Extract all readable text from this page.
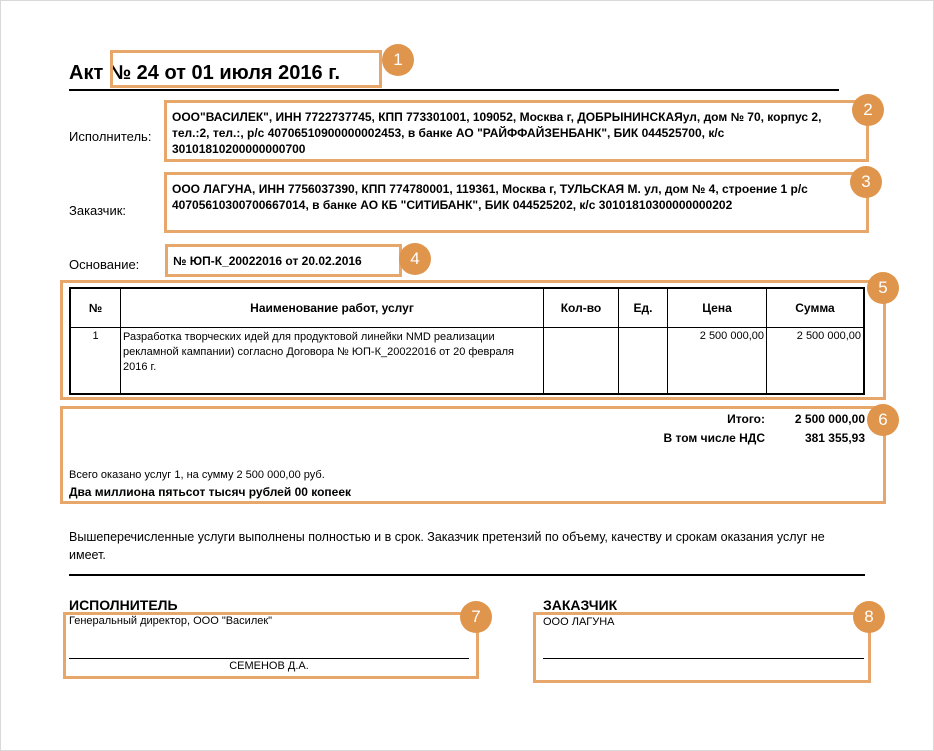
Акт № 24 от 01 июля 2016 г.
1
Исполнитель:
ООО"ВАСИЛЕК", ИНН 7722737745, КПП 773301001, 109052, Москва г, ДОБРЫНИНСКАЯул, дом № 70, корпус 2, тел.:2, тел.:, р/с 40706510900000002453, в банке АО "РАЙФФАЙЗЕНБАНК", БИК 044525700, к/с 30101810200000000700
2
Заказчик:
ООО ЛАГУНА, ИНН 7756037390, КПП 774780001, 119361, Москва г, ТУЛЬСКАЯ М. ул, дом № 4, строение 1 р/с 40705610300700667014, в банке АО КБ "СИТИБАНК", БИК 044525202, к/с 30101810300000000202
3
Основание:	№ ЮП-К_20022016 от 20.02.2016	4
5
№	Наименование работ, услуг	Кол-во	Ед.	Цена	Сумма
1	Разработка творческих идей для продуктовой линейки NMD реализации рекламной кампании) согласно Договора № ЮП-К_20022016 от 20 февраля 2016 г.			2 500 000,00	2 500 000,00
6
Итого:	2 500 000,00
В том числе НДС	381 355,93
Всего оказано услуг 1, на сумму 2 500 000,00 руб.
Два миллиона пятьсот тысяч рублей 00 копеек
Вышеперечисленные услуги выполнены полностью и в срок. Заказчик претензий по объему, качеству и срокам оказания услуг не имеет.
ИСПОЛНИТЕЛЬ
7
Генеральный директор, ООО "Василек"
СЕМЕНОВ Д.А.
ЗАКАЗЧИК
8
ООО ЛАГУНА
